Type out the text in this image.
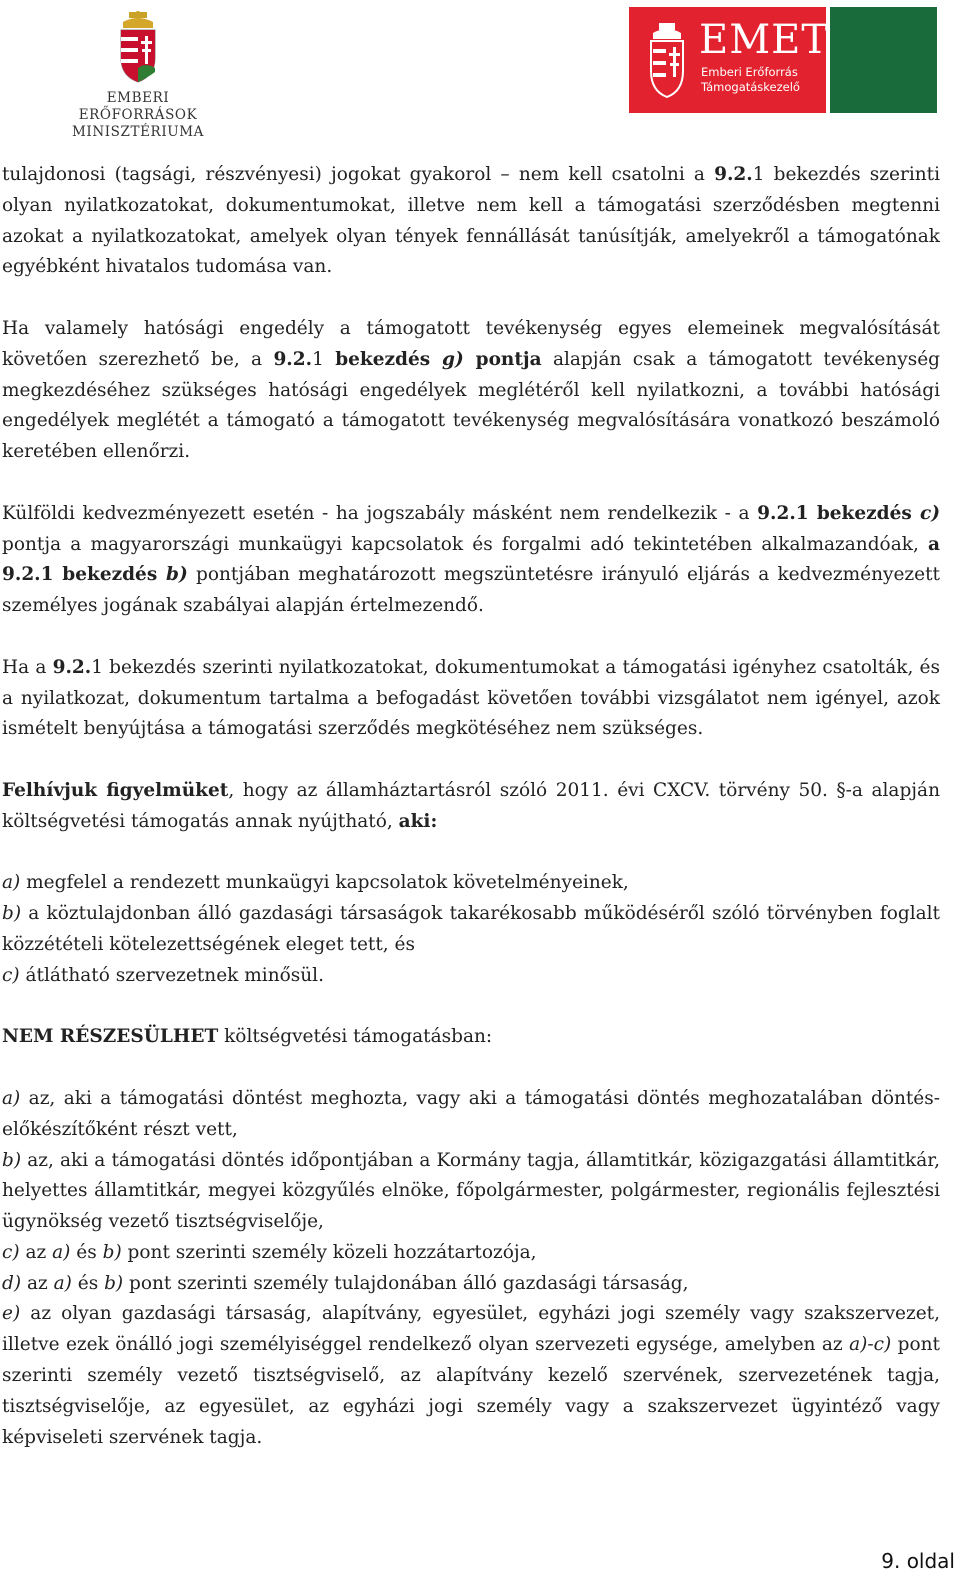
EMBERI ERŐFORRÁSOK
MINISZTÉRIUMA
EMET
Emberi Erőforrás
Támogatáskezelő

tulajdonosi (tagsági, részvényesi) jogokat gyakorol – nem kell csatolni a 9.2.1 bekezdés szerinti olyan nyilatkozatokat, dokumentumokat, illetve nem kell a támogatási szerződésben megtenni azokat a nyilatkozatokat, amelyek olyan tények fennállását tanúsítják, amelyekről a támogatónak egyébként hivatalos tudomása van.

Ha valamely hatósági engedély a támogatott tevékenység egyes elemeinek megvalósítását követően szerezhető be, a 9.2.1 bekezdés g) pontja alapján csak a támogatott tevékenység megkezdéséhez szükséges hatósági engedélyek meglétéről kell nyilatkozni, a további hatósági engedélyek meglétét a támogató a támogatott tevékenység megvalósítására vonatkozó beszámoló keretében ellenőrzi.

Külföldi kedvezményezett esetén - ha jogszabály másként nem rendelkezik - a 9.2.1 bekezdés c) pontja a magyarországi munkaügyi kapcsolatok és forgalmi adó tekintetében alkalmazandóak, a 9.2.1 bekezdés b) pontjában meghatározott megszüntetésre irányuló eljárás a kedvezményezett személyes jogának szabályai alapján értelmezendő.

Ha a 9.2.1 bekezdés szerinti nyilatkozatokat, dokumentumokat a támogatási igényhez csatolták, és a nyilatkozat, dokumentum tartalma a befogadást követően további vizsgálatot nem igényel, azok ismételt benyújtása a támogatási szerződés megkötéséhez nem szükséges.

Felhívjuk figyelmüket, hogy az államháztartásról szóló 2011. évi CXCV. törvény 50. §-a alapján költségvetési támogatás annak nyújtható, aki:

a) megfelel a rendezett munkaügyi kapcsolatok követelményeinek,

b) a köztulajdonban álló gazdasági társaságok takarékosabb működéséről szóló törvényben foglalt közzétételi kötelezettségének eleget tett, és

c) átlátható szervezetnek minősül.

NEM RÉSZESÜLHET költségvetési támogatásban:

a) az, aki a támogatási döntést meghozta, vagy aki a támogatási döntés meghozatalában döntés-előkészítőként részt vett,

b) az, aki a támogatási döntés időpontjában a Kormány tagja, államtitkár, közigazgatási államtitkár, helyettes államtitkár, megyei közgyűlés elnöke, főpolgármester, polgármester, regionális fejlesztési ügynökség vezető tisztségviselője,

c) az a) és b) pont szerinti személy közeli hozzátartozója,

d) az a) és b) pont szerinti személy tulajdonában álló gazdasági társaság,

e) az olyan gazdasági társaság, alapítvány, egyesület, egyházi jogi személy vagy szakszervezet, illetve ezek önálló jogi személyiséggel rendelkező olyan szervezeti egysége, amelyben az a)-c) pont szerinti személy vezető tisztségviselő, az alapítvány kezelő szervének, szervezetének tagja, tisztségviselője, az egyesület, az egyházi jogi személy vagy a szakszervezet ügyintéző vagy képviseleti szervének tagja.

9. oldal
